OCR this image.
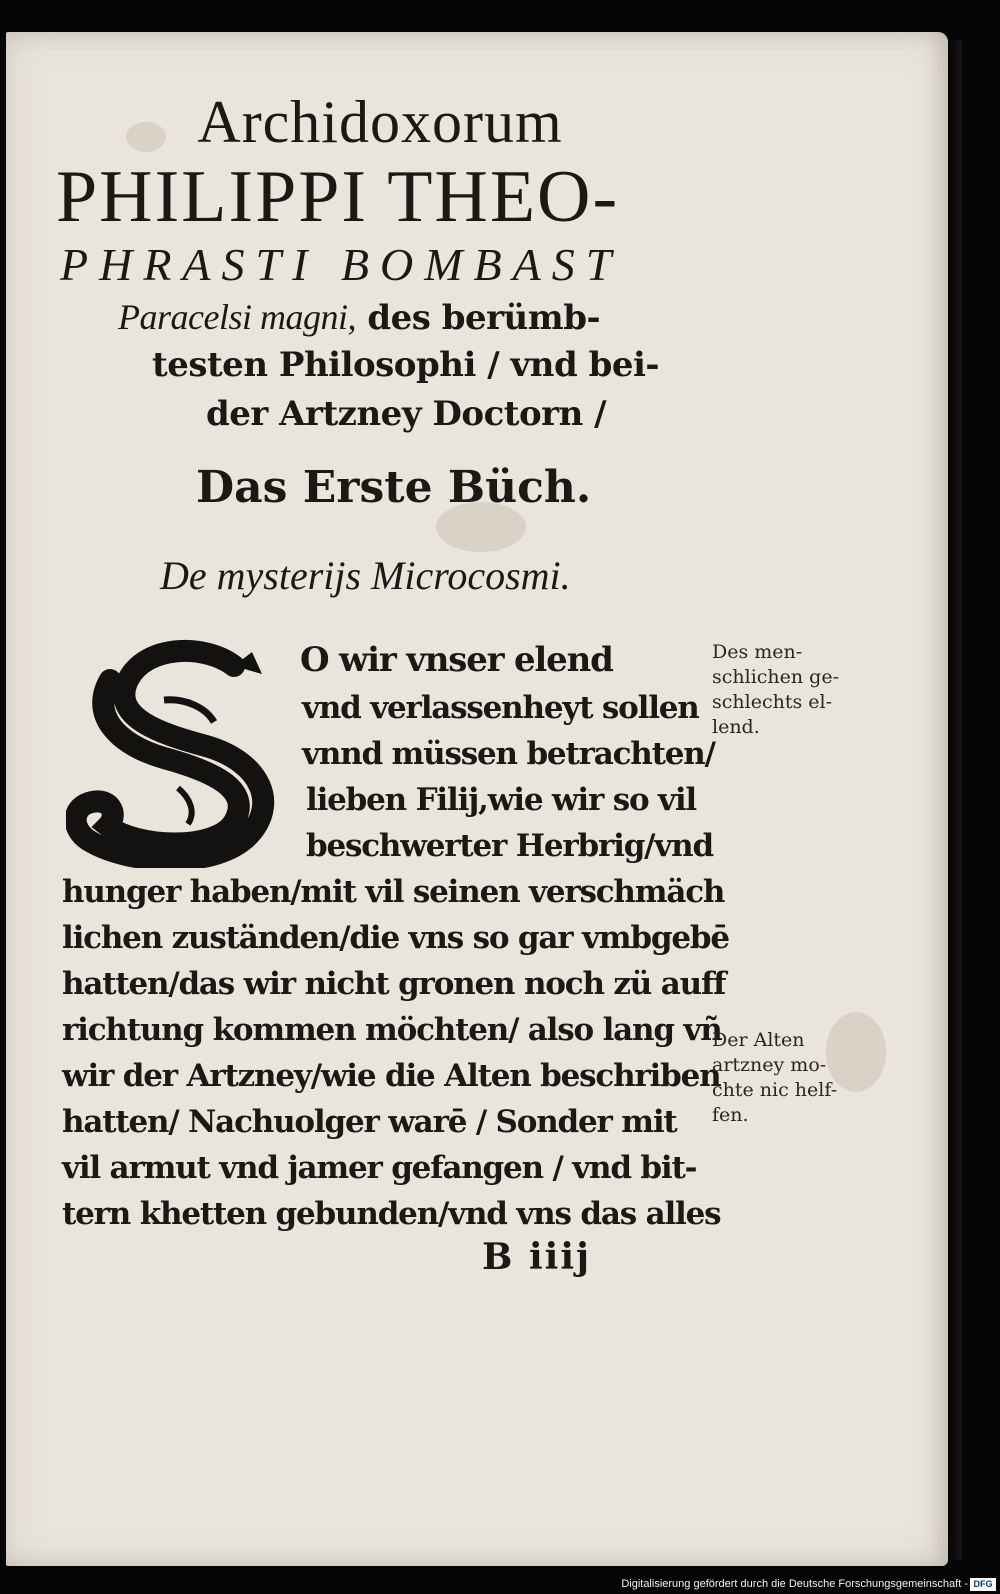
Archidoxorum
PHILIPPI THEO-
PHRASTI BOMBAST
Paracelsi magni, des berümb-
testen Philosophi / vnd bei-
der Artzney Doctorn /
Das Erste Büch.
De mysterijs Microcosmi.
O wir vnser elend
vnd verlassenheyt sollen
vnnd müssen betrachten/
lieben Filij,wie wir so vil
beschwerter Herbrig/vnd
hunger haben/mit vil seinen verschmäch
lichen zuständen/die vns so gar vmbgebē
hatten/das wir nicht gronen noch zü auff
richtung kommen möchten/ also lang vñ
wir der Artzney/wie die Alten beschriben
hatten/ Nachuolger warē / Sonder mit
vil armut vnd jamer gefangen / vnd bit-
tern khetten gebunden/vnd vns das alles
Des men-
schlichen ge-
schlechts el-
lend.
Der Alten
artzney mo-
chte nic helf-
fen.
B iiij
Digitalisierung gefördert durch die Deutsche Forschungsgemeinschaft - DFG
